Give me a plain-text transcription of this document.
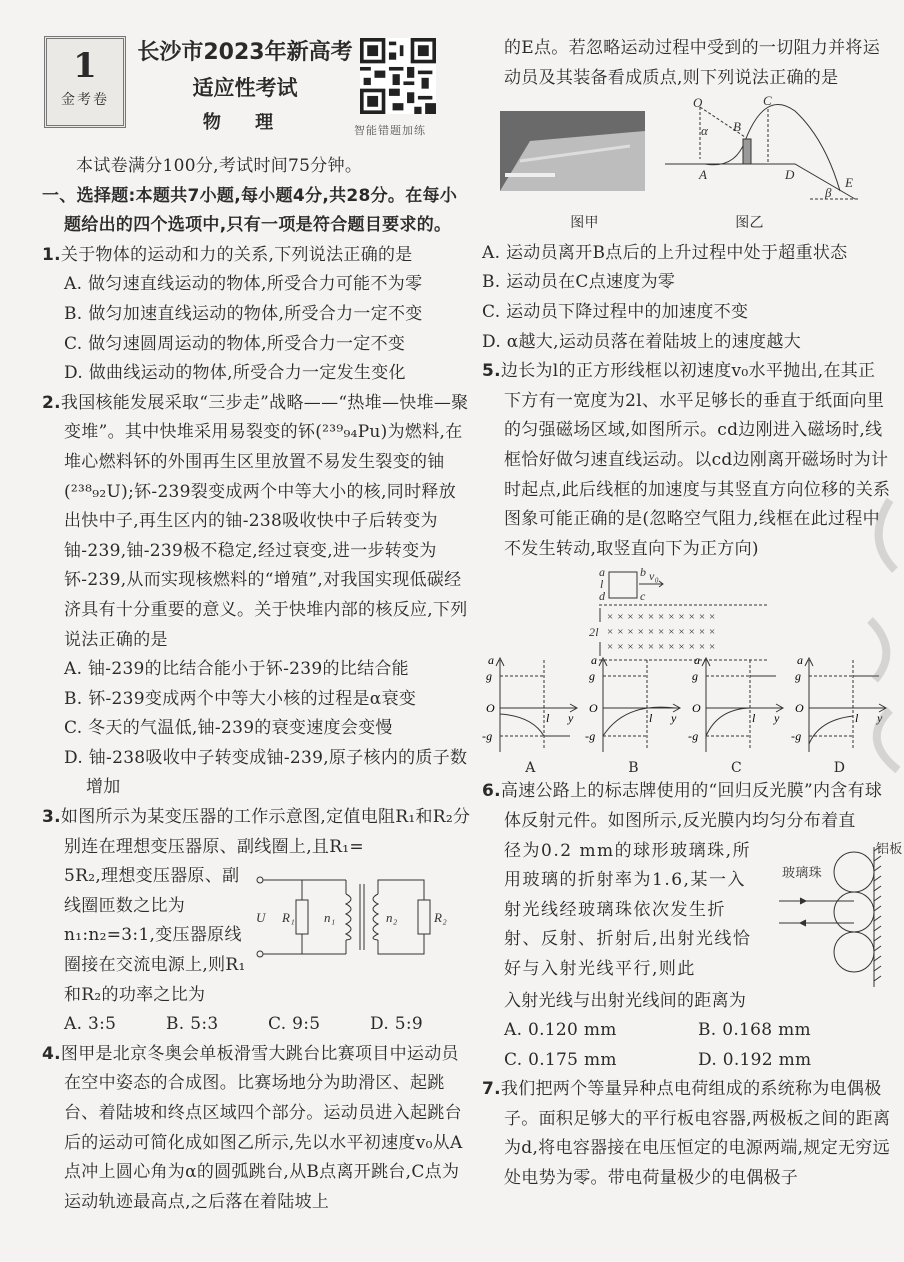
1
金考卷
长沙市2023年新高考
适应性考试
物 理	智能错题加练

本试卷满分100分,考试时间75分钟。

一、选择题:本题共7小题,每小题4分,共28分。在每小题给出的四个选项中,只有一项是符合题目要求的。

1.关于物体的运动和力的关系,下列说法正确的是

A. 做匀速直线运动的物体,所受合力可能不为零

B. 做匀加速直线运动的物体,所受合力一定不变

C. 做匀速圆周运动的物体,所受合力一定不变

D. 做曲线运动的物体,所受合力一定发生变化

2.我国核能发展采取“三步走”战略——“热堆—快堆—聚变堆”。其中快堆采用易裂变的钚(²³⁹₉₄Pu)为燃料,在堆心燃料钚的外围再生区里放置不易发生裂变的铀(²³⁸₉₂U);钚-239裂变成两个中等大小的核,同时释放出快中子,再生区内的铀-238吸收快中子后转变为铀-239,铀-239极不稳定,经过衰变,进一步转变为钚-239,从而实现核燃料的“增殖”,对我国实现低碳经济具有十分重要的意义。关于快堆内部的核反应,下列说法正确的是

A. 铀-239的比结合能小于钚-239的比结合能

B. 钚-239变成两个中等大小核的过程是α衰变

C. 冬天的气温低,铀-239的衰变速度会变慢

D. 铀-238吸收中子转变成铀-239,原子核内的质子数增加

3.如图所示为某变压器的工作示意图,定值电阻R₁和R₂分别连在理想变压器原、副线圈上,且R₁=

5R₂,理想变压器原、副线圈匝数之比为n₁:n₂=3:1,变压器原线圈接在交流电源上,则R₁和R₂的功率之比为

U R₁ n₁	n₂	R₂

A. 3:5	B. 5:3	C. 9:5	D. 5:9

4.图甲是北京冬奥会单板滑雪大跳台比赛项目中运动员在空中姿态的合成图。比赛场地分为助滑区、起跳台、着陆坡和终点区域四个部分。运动员进入起跳台后的运动可简化成如图乙所示,先以水平初速度v₀从A点冲上圆心角为α的圆弧跳台,从B点离开跳台,C点为运动轨迹最高点,之后落在着陆坡上

的E点。若忽略运动过程中受到的一切阻力并将运动员及其装备看成质点,则下列说法正确的是

O
α B
C
A	D
E
β
图甲	图乙

A. 运动员离开B点后的上升过程中处于超重状态

B. 运动员在C点速度为零

C. 运动员下降过程中的加速度不变

D. α越大,运动员落在着陆坡上的速度越大

5.边长为l的正方形线框以初速度v₀水平抛出,在其正下方有一宽度为2l、水平足够长的垂直于纸面向里的匀强磁场区域,如图所示。cd边刚进入磁场时,线框恰好做匀速直线运动。以cd边刚离开磁场时为计时起点,此后线框的加速度与其竖直方向位移的关系图象可能正确的是(忽略空气阻力,线框在此过程中不发生转动,取竖直向下为正方向)

a	b
d	c
l
v₀
2l
×××××××××××
×××××××××××
×××××××××××
a
g
O
-g
l y
A
a
g
O
-g
l y
B
a
g
O
-g
l y
C
a
g
O
-g
l y
D

6.高速公路上的标志牌使用的“回归反光膜”内含有球体反射元件。如图所示,反光膜内均匀分布着直

径为0.2 mm的球形玻璃珠,所用玻璃的折射率为1.6,某一入射光线经玻璃珠依次发生折射、反射、折射后,出射光线恰好与入射光线平行,则此

玻璃珠
铝板

入射光线与出射光线间的距离为

A. 0.120 mm	B. 0.168 mm

C. 0.175 mm	D. 0.192 mm

7.我们把两个等量异种点电荷组成的系统称为电偶极子。面积足够大的平行板电容器,两极板之间的距离为d,将电容器接在电压恒定的电源两端,规定无穷远处电势为零。带电荷量极少的电偶极子
